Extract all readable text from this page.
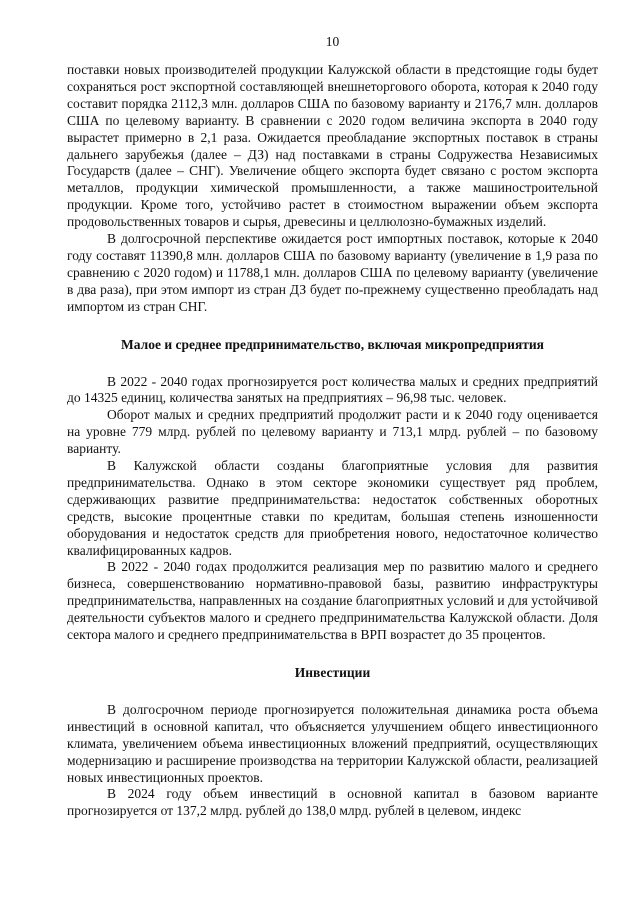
10

поставки новых производителей продукции Калужской области в предстоящие годы будет сохраняться рост экспортной составляющей внешнеторгового оборота, которая к 2040 году составит порядка 2112,3 млн. долларов США по базовому варианту и 2176,7 млн. долларов США по целевому варианту. В сравнении с 2020 годом величина экспорта в 2040 году вырастет примерно в 2,1 раза. Ожидается преобладание экспортных поставок в страны дальнего зарубежья (далее – ДЗ) над поставками в страны Содружества Независимых Государств (далее – СНГ). Увеличение общего экспорта будет связано с ростом экспорта металлов, продукции химической промышленности, а также машиностроительной продукции. Кроме того, устойчиво растет в стоимостном выражении объем экспорта продовольственных товаров и сырья, древесины и целлюлозно-бумажных изделий.

В долгосрочной перспективе ожидается рост импортных поставок, которые к 2040 году составят 11390,8 млн. долларов США по базовому варианту (увеличение в 1,9 раза по сравнению с 2020 годом) и 11788,1 млн. долларов США по целевому варианту (увеличение в два раза), при этом импорт из стран ДЗ будет по-прежнему существенно преобладать над импортом из стран СНГ.

Малое и среднее предпринимательство, включая микропредприятия

В 2022 - 2040 годах прогнозируется рост количества малых и средних предприятий до 14325 единиц, количества занятых на предприятиях – 96,98 тыс. человек.

Оборот малых и средних предприятий продолжит расти и к 2040 году оценивается на уровне 779 млрд. рублей по целевому варианту и 713,1 млрд. рублей – по базовому варианту.

В Калужской области созданы благоприятные условия для развития предпринимательства. Однако в этом секторе экономики существует ряд проблем, сдерживающих развитие предпринимательства: недостаток собственных оборотных средств, высокие процентные ставки по кредитам, большая степень изношенности оборудования и недостаток средств для приобретения нового, недостаточное количество квалифицированных кадров.

В 2022 - 2040 годах продолжится реализация мер по развитию малого и среднего бизнеса, совершенствованию нормативно-правовой базы, развитию инфраструктуры предпринимательства, направленных на создание благоприятных условий и для устойчивой деятельности субъектов малого и среднего предпринимательства Калужской области. Доля сектора малого и среднего предпринимательства в ВРП возрастет до 35 процентов.

Инвестиции

В долгосрочном периоде прогнозируется положительная динамика роста объема инвестиций в основной капитал, что объясняется улучшением общего инвестиционного климата, увеличением объема инвестиционных вложений предприятий, осуществляющих модернизацию и расширение производства на территории Калужской области, реализацией новых инвестиционных проектов.

В 2024 году объем инвестиций в основной капитал в базовом варианте прогнозируется от 137,2 млрд. рублей до 138,0 млрд. рублей в целевом, индекс
